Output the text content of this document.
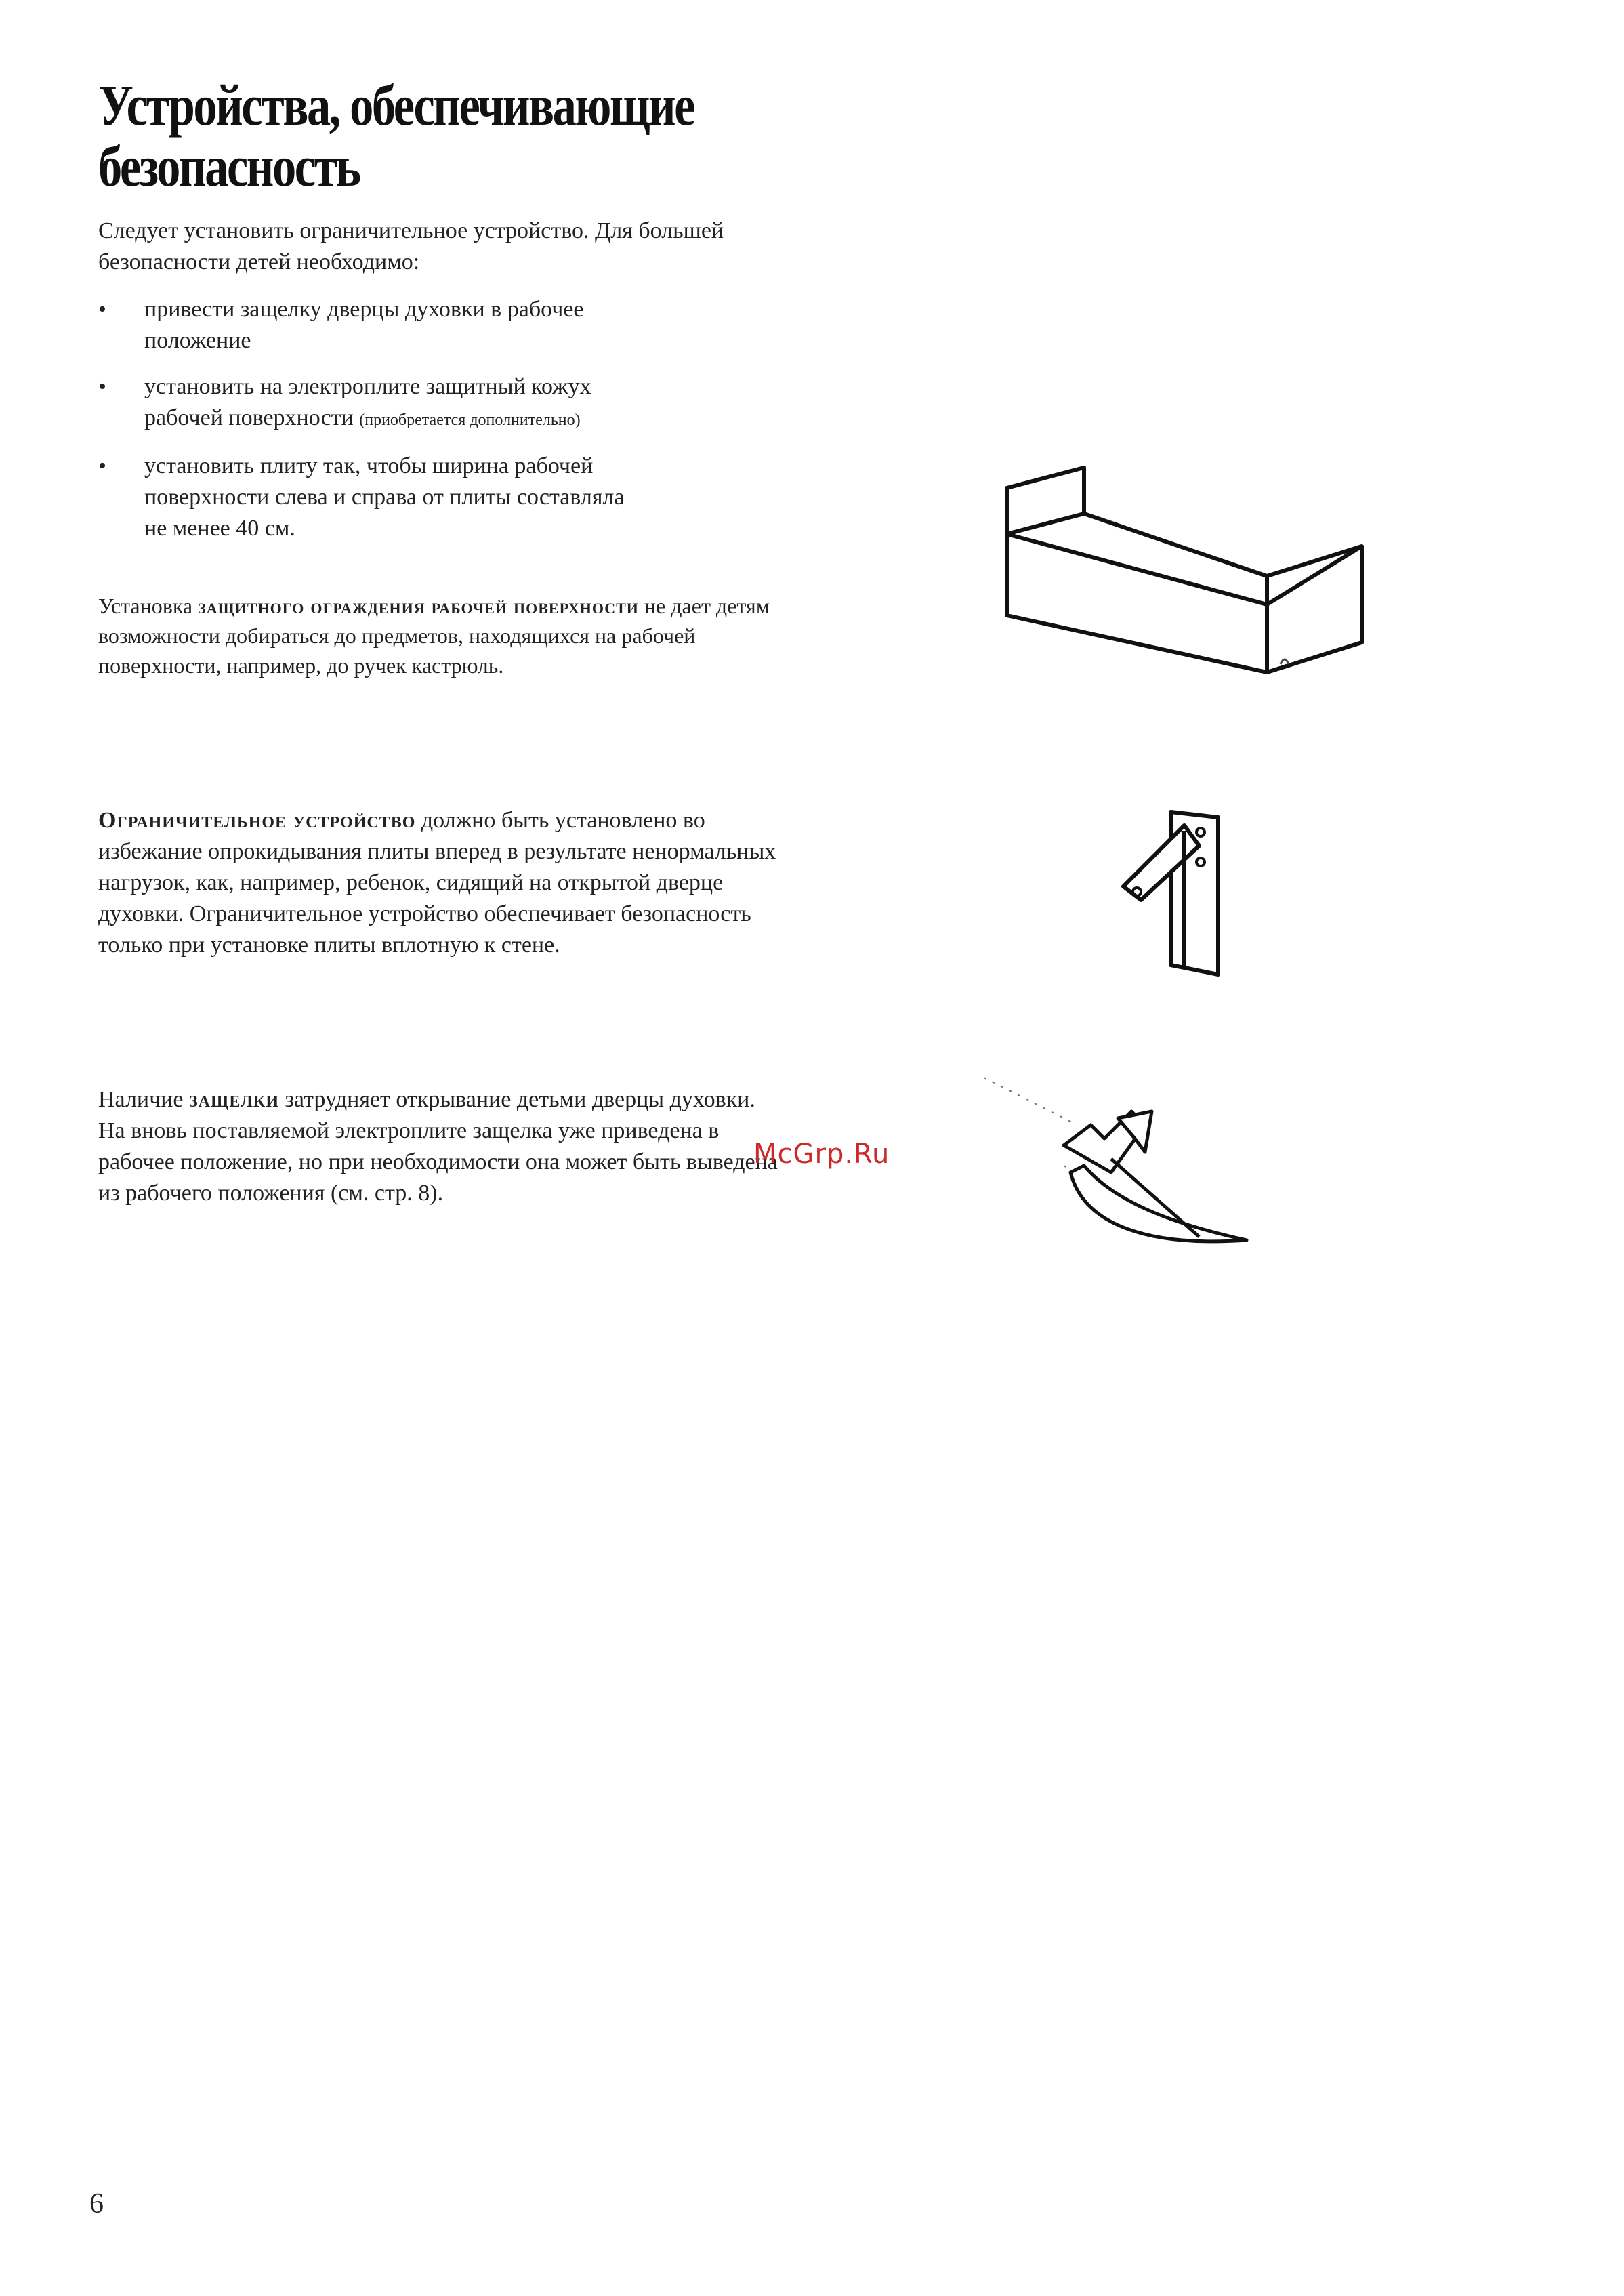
Устройства, обеспечивающие безопасность

Следует установить ограничительное устройство. Для большей безопасности детей необходимо:

• привести защелку дверцы духовки в рабочее положение
• установить на электроплите защитный кожух рабочей поверхности (приобретается дополнительно)
• установить плиту так, чтобы ширина рабочей поверхности слева и справа от плиты составляла не менее 40 см.

Установка защитного ограждения рабочей поверхности не дает детям возможности добираться до предметов, находящихся на рабочей поверхности, например, до ручек кастрюль.

Ограничительное устройство должно быть установлено во избежание опрокидывания плиты вперед в результате ненормальных нагрузок, как, например, ребенок, сидящий на открытой дверце духовки. Ограничительное устройство обеспечивает безопасность только при установке плиты вплотную к стене.

Наличие защелки затрудняет открывание детьми дверцы духовки. На вновь поставляемой электроплите защелка уже приведена в рабочее положение, но при необходимости она может быть выведена из рабочего положения (см. стр. 8).

McGrp.Ru
6
